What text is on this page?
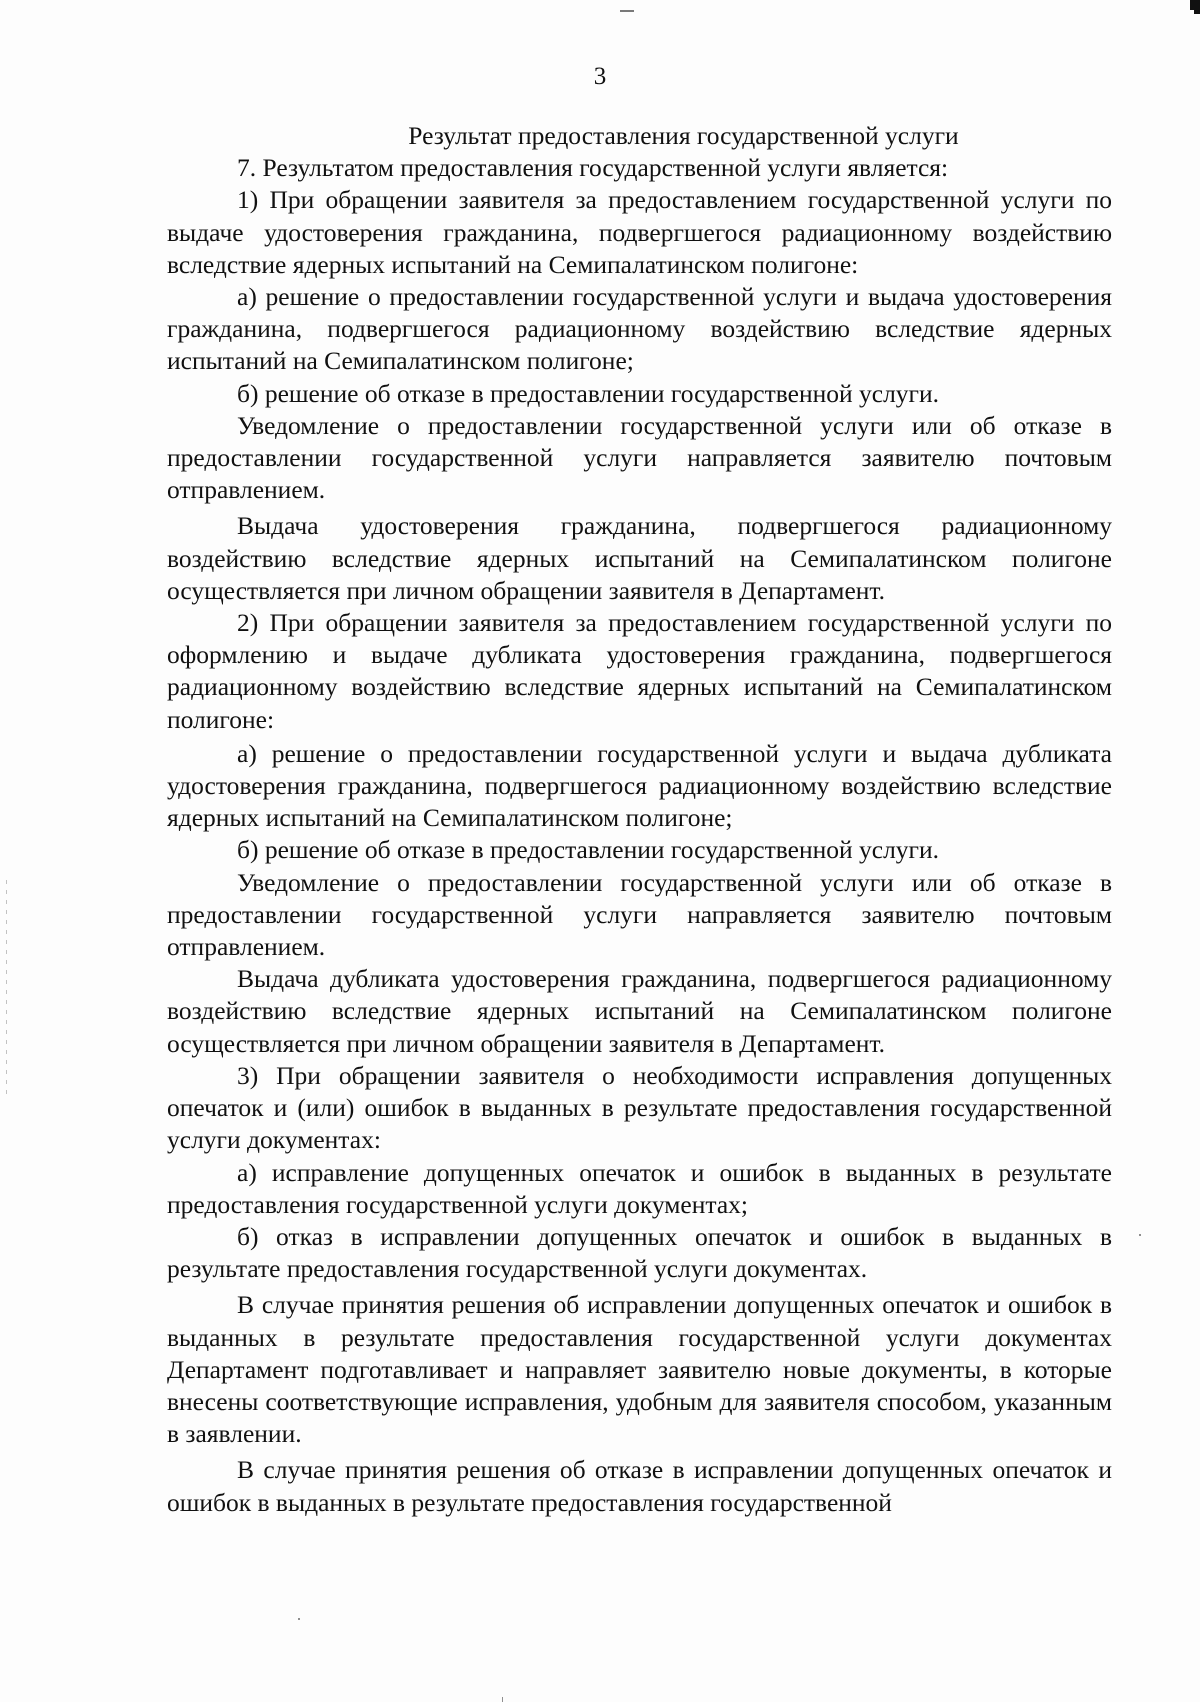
3
Результат предоставления государственной услуги

7. Результатом предоставления государственной услуги является:

1) При обращении заявителя за предоставлением государственной услуги по выдаче удостоверения гражданина, подвергшегося радиационному воздействию вследствие ядерных испытаний на Семипалатинском полигоне:

а) решение о предоставлении государственной услуги и выдача удостоверения гражданина, подвергшегося радиационному воздействию вследствие ядерных испытаний на Семипалатинском полигоне;

б) решение об отказе в предоставлении государственной услуги.

Уведомление о предоставлении государственной услуги или об отказе в предоставлении государственной услуги направляется заявителю почтовым отправлением.

Выдача удостоверения гражданина, подвергшегося радиационному воздействию вследствие ядерных испытаний на Семипалатинском полигоне осуществляется при личном обращении заявителя в Департамент.

2) При обращении заявителя за предоставлением государственной услуги по оформлению и выдаче дубликата удостоверения гражданина, подвергшегося радиационному воздействию вследствие ядерных испытаний на Семипалатинском полигоне:

а) решение о предоставлении государственной услуги и выдача дубликата удостоверения гражданина, подвергшегося радиационному воздействию вследствие ядерных испытаний на Семипалатинском полигоне;

б) решение об отказе в предоставлении государственной услуги.

Уведомление о предоставлении государственной услуги или об отказе в предоставлении государственной услуги направляется заявителю почтовым отправлением.

Выдача дубликата удостоверения гражданина, подвергшегося радиационному воздействию вследствие ядерных испытаний на Семипалатинском полигоне осуществляется при личном обращении заявителя в Департамент.

3) При обращении заявителя о необходимости исправления допущенных опечаток и (или) ошибок в выданных в результате предоставления государственной услуги документах:

а) исправление допущенных опечаток и ошибок в выданных в результате предоставления государственной услуги документах;

б) отказ в исправлении допущенных опечаток и ошибок в выданных в результате предоставления государственной услуги документах.

В случае принятия решения об исправлении допущенных опечаток и ошибок в выданных в результате предоставления государственной услуги документах Департамент подготавливает и направляет заявителю новые документы, в которые внесены соответствующие исправления, удобным для заявителя способом, указанным в заявлении.

В случае принятия решения об отказе в исправлении допущенных опечаток и ошибок в выданных в результате предоставления государственной
